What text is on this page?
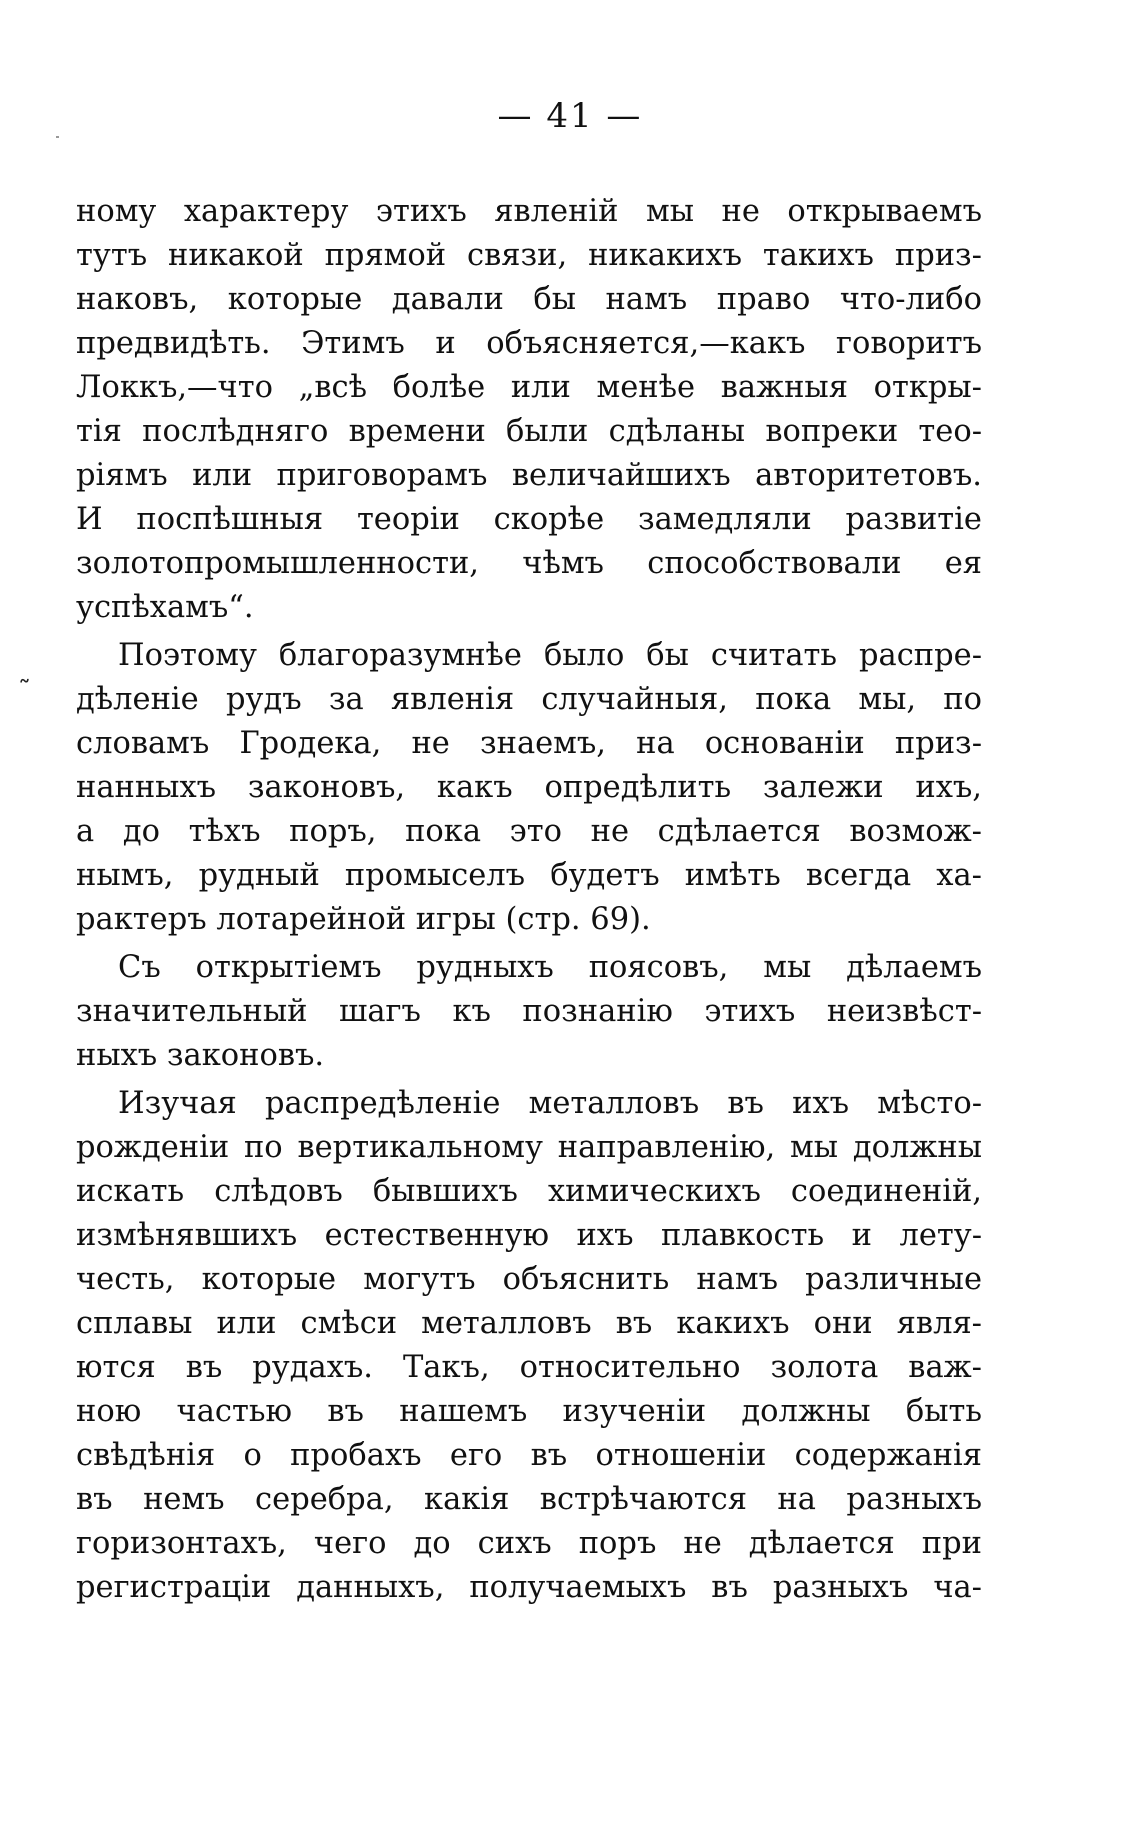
— 41 —
˜
ному характеру этихъ явленій мы не открываемъ
тутъ никакой прямой связи, никакихъ такихъ приз-
наковъ, которые давали бы намъ право что-либо
предвидѣть. Этимъ и объясняется,—какъ говоритъ
Локкъ,—что „всѣ болѣе или менѣе важныя откры-
тія послѣдняго времени были сдѣланы вопреки тео-
ріямъ или приговорамъ величайшихъ авторитетовъ.
И поспѣшныя теоріи скорѣе замедляли развитіе
золотопромышленности, чѣмъ способствовали ея
успѣхамъ“.
Поэтому благоразумнѣе было бы считать распре-
дѣленіе рудъ за явленія случайныя, пока мы, по
словамъ Гродека, не знаемъ, на основаніи приз-
нанныхъ законовъ, какъ опредѣлить залежи ихъ,
а до тѣхъ поръ, пока это не сдѣлается возмож-
нымъ, рудный промыселъ будетъ имѣть всегда ха-
рактеръ лотарейной игры (стр. 69).
Съ открытіемъ рудныхъ поясовъ, мы дѣлаемъ
значительный шагъ къ познанію этихъ неизвѣст-
ныхъ законовъ.
Изучая распредѣленіе металловъ въ ихъ мѣсто-
рожденіи по вертикальному направленію, мы должны
искать слѣдовъ бывшихъ химическихъ соединеній,
измѣнявшихъ естественную ихъ плавкость и лету-
честь, которые могутъ объяснить намъ различные
сплавы или смѣси металловъ въ какихъ они явля-
ются въ рудахъ. Такъ, относительно золота важ-
ною частью въ нашемъ изученіи должны быть
свѣдѣнія о пробахъ его въ отношеніи содержанія
въ немъ серебра, какія встрѣчаются на разныхъ
горизонтахъ, чего до сихъ поръ не дѣлается при
регистраціи данныхъ, получаемыхъ въ разныхъ ча-
